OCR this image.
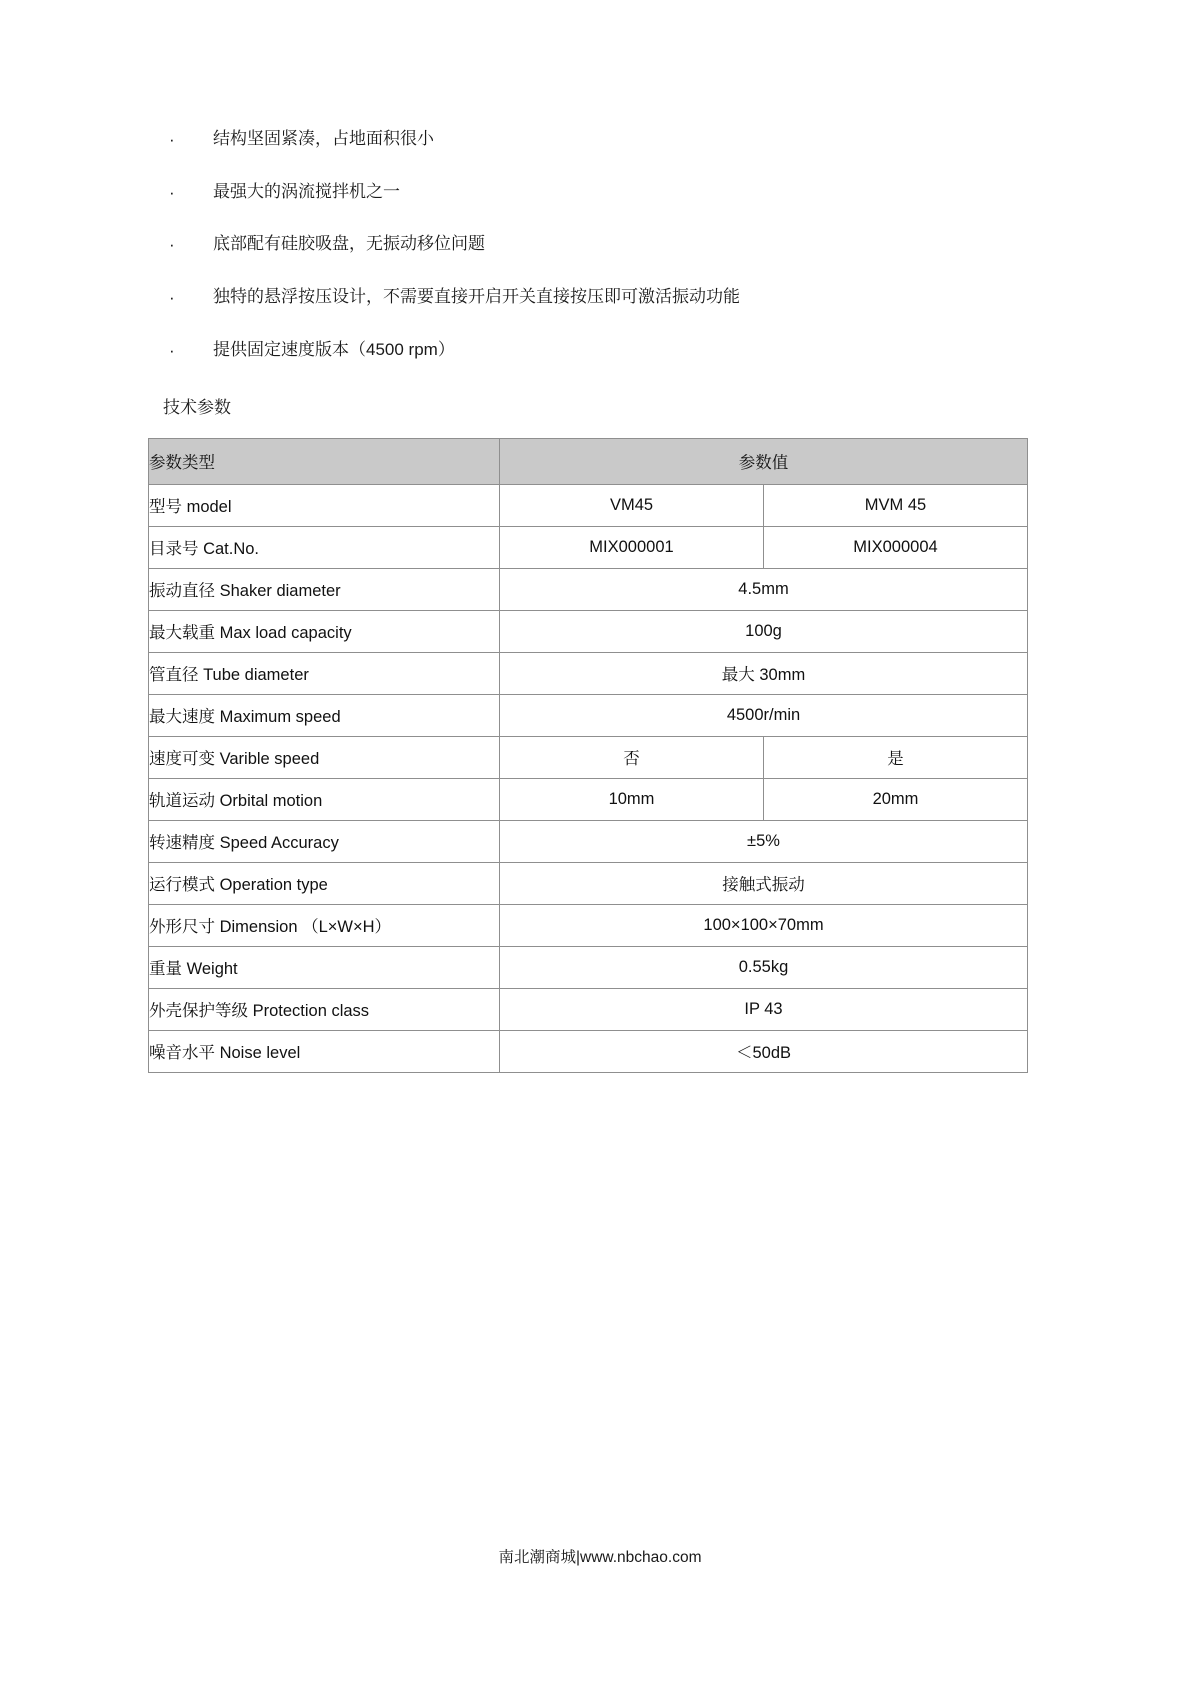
· 结构坚固紧凑，占地面积很小
· 最强大的涡流搅拌机之一
· 底部配有硅胶吸盘，无振动移位问题
· 独特的悬浮按压设计，不需要直接开启开关直接按压即可激活振动功能
· 提供固定速度版本（4500 rpm）
技术参数
参数类型	参数值	
型号 model	VM45	MVM 45
目录号 Cat.No.	MIX000001	MIX000004
振动直径 Shaker diameter	4.5mm	
最大载重 Max load capacity	100g	
管直径 Tube diameter	最大 30mm	
最大速度 Maximum speed	4500r/min	
速度可变 Varible speed	否	是
轨道运动 Orbital motion	10mm	20mm
转速精度 Speed Accuracy	±5%	
运行模式 Operation type	接触式振动	
外形尺寸 Dimension （L×W×H）	100×100×70mm	
重量 Weight	0.55kg	
外壳保护等级 Protection class	IP 43	
噪音水平 Noise level	＜50dB	
南北潮商城|www.nbchao.com
